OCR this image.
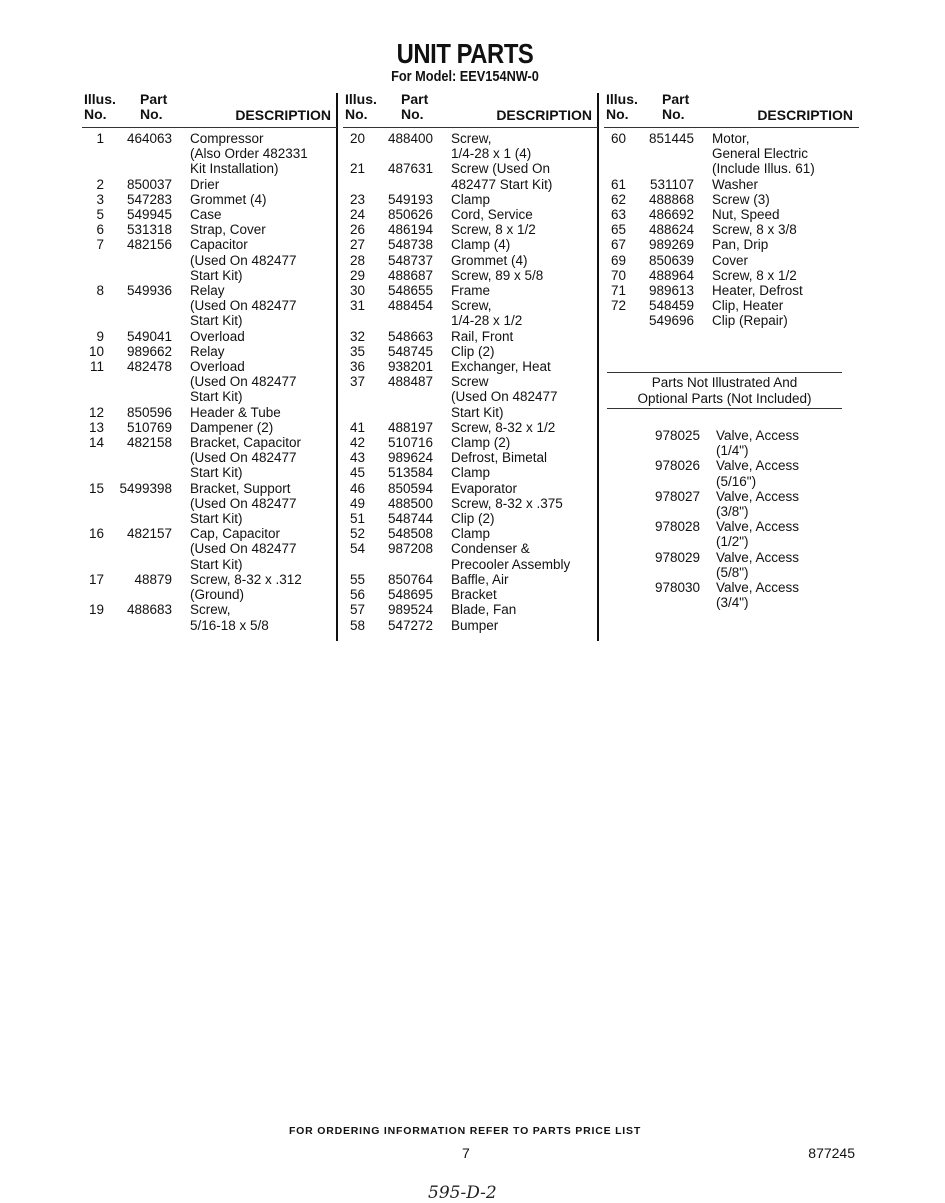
UNIT PARTS
For Model: EEV154NW-0
Illus.
No.
Part
No.	DESCRIPTION
1	464063 Compressor
(Also Order 482331
Kit Installation)
2	850037 Drier
3	547283 Grommet (4)
5	549945 Case
6	531318 Strap, Cover
7	482156 Capacitor
(Used On 482477
Start Kit)
8	549936 Relay
(Used On 482477
Start Kit)
9	549041 Overload
10	989662 Relay
11	482478 Overload
(Used On 482477
Start Kit)
12	850596 Header & Tube
13	510769 Dampener (2)
14	482158 Bracket, Capacitor
(Used On 482477
Start Kit)
15	5499398 Bracket, Support
(Used On 482477
Start Kit)
16	482157 Cap, Capacitor
(Used On 482477
Start Kit)
17	48879 Screw, 8-32 x .312
(Ground)
19	488683 Screw,
5/16-18 x 5/8
Illus.
No.
Part
No.	DESCRIPTION
20	488400 Screw,
1/4-28 x 1 (4)
21	487631 Screw (Used On
482477 Start Kit)
23	549193 Clamp
24	850626 Cord, Service
26	486194 Screw, 8 x 1/2
27	548738 Clamp (4)
28	548737 Grommet (4)
29	488687 Screw, 89 x 5/8
30	548655 Frame
31	488454 Screw,
1/4-28 x 1/2
32	548663 Rail, Front
35	548745 Clip (2)
36	938201 Exchanger, Heat
37	488487 Screw
(Used On 482477
Start Kit)
41	488197 Screw, 8-32 x 1/2
42	510716 Clamp (2)
43	989624 Defrost, Bimetal
45	513584 Clamp
46	850594 Evaporator
49	488500 Screw, 8-32 x .375
51	548744 Clip (2)
52	548508 Clamp
54	987208 Condenser &
Precooler Assembly
55	850764 Baffle, Air
56	548695 Bracket
57	989524 Blade, Fan
58	547272 Bumper
Illus.
No.
Part
No.	DESCRIPTION
60	851445 Motor,
General Electric
(Include Illus. 61)
61	531107 Washer
62	488868 Screw (3)
63	486692 Nut, Speed
65	488624 Screw, 8 x 3/8
67	989269 Pan, Drip
69	850639 Cover
70	488964 Screw, 8 x 1/2
71	989613 Heater, Defrost
72	548459 Clip, Heater
549696 Clip (Repair)
Parts Not Illustrated And
Optional Parts (Not Included)
978025 Valve, Access
(1/4")
978026 Valve, Access
(5/16")
978027 Valve, Access
(3/8")
978028 Valve, Access
(1/2")
978029 Valve, Access
(5/8")
978030 Valve, Access
(3/4")
FOR ORDERING INFORMATION REFER TO PARTS PRICE LIST
7	877245
595-D-2
